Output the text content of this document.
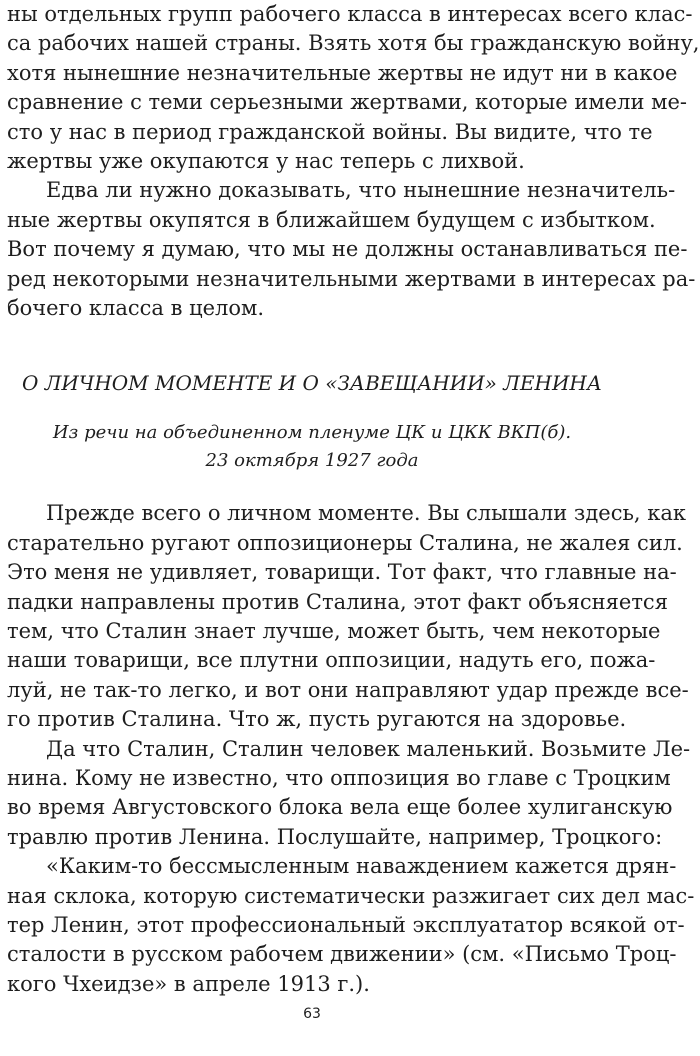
ны отдельных групп рабочего класса в интересах всего клас-

са рабочих нашей страны. Взять хотя бы гражданскую войну,

хотя нынешние незначительные жертвы не идут ни в какое

сравнение с теми серьезными жертвами, которые имели ме-

сто у нас в период гражданской войны. Вы видите, что те

жертвы уже окупаются у нас теперь с лихвой.

Едва ли нужно доказывать, что нынешние незначитель-

ные жертвы окупятся в ближайшем будущем с избытком.

Вот почему я думаю, что мы не должны останавливаться пе-

ред некоторыми незначительными жертвами в интересах ра-

бочего класса в целом.

О ЛИЧНОМ МОМЕНТЕ И О «ЗАВЕЩАНИИ» ЛЕНИНА

Из речи на объединенном пленуме ЦК и ЦКК ВКП(б).

23 октября 1927 года

Прежде всего о личном моменте. Вы слышали здесь, как

старательно ругают оппозиционеры Сталина, не жалея сил.

Это меня не удивляет, товарищи. Тот факт, что главные на-

падки направлены против Сталина, этот факт объясняется

тем, что Сталин знает лучше, может быть, чем некоторые

наши товарищи, все плутни оппозиции, надуть его, пожа-

луй, не так-то легко, и вот они направляют удар прежде все-

го против Сталина. Что ж, пусть ругаются на здоровье.

Да что Сталин, Сталин человек маленький. Возьмите Ле-

нина. Кому не известно, что оппозиция во главе с Троцким

во время Августовского блока вела еще более хулиганскую

травлю против Ленина. Послушайте, например, Троцкого:

«Каким-то бессмысленным наваждением кажется дрян-

ная склока, которую систематически разжигает сих дел мас-

тер Ленин, этот профессиональный эксплуататор всякой от-

63

сталости в русском рабочем движении» (см. «Письмо Троц-

кого Чхеидзе» в апреле 1913 г.).
